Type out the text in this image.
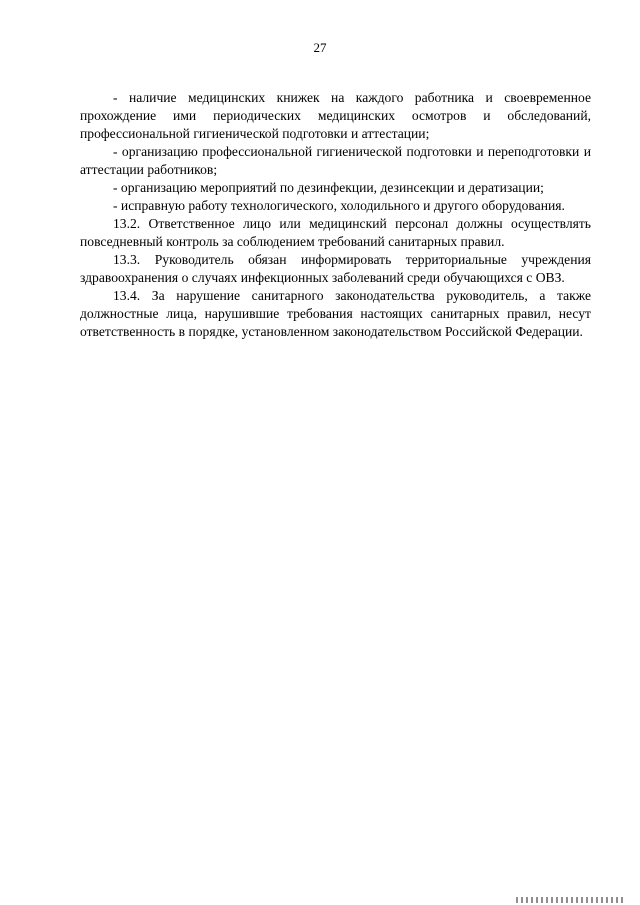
27

- наличие медицинских книжек на каждого работника и своевременное прохождение ими периодических медицинских осмотров и обследований, профессиональной гигиенической подготовки и аттестации;

- организацию профессиональной гигиенической подготовки и переподготовки и аттестации работников;

- организацию мероприятий по дезинфекции, дезинсекции и дератизации;

- исправную работу технологического, холодильного и другого оборудования.

13.2. Ответственное лицо или медицинский персонал должны осуществлять повседневный контроль за соблюдением требований санитарных правил.

13.3. Руководитель обязан информировать территориальные учреждения здравоохранения о случаях инфекционных заболеваний среди обучающихся с ОВЗ.

13.4. За нарушение санитарного законодательства руководитель, а также должностные лица, нарушившие требования настоящих санитарных правил, несут ответственность в порядке, установленном законодательством Российской Федерации.
